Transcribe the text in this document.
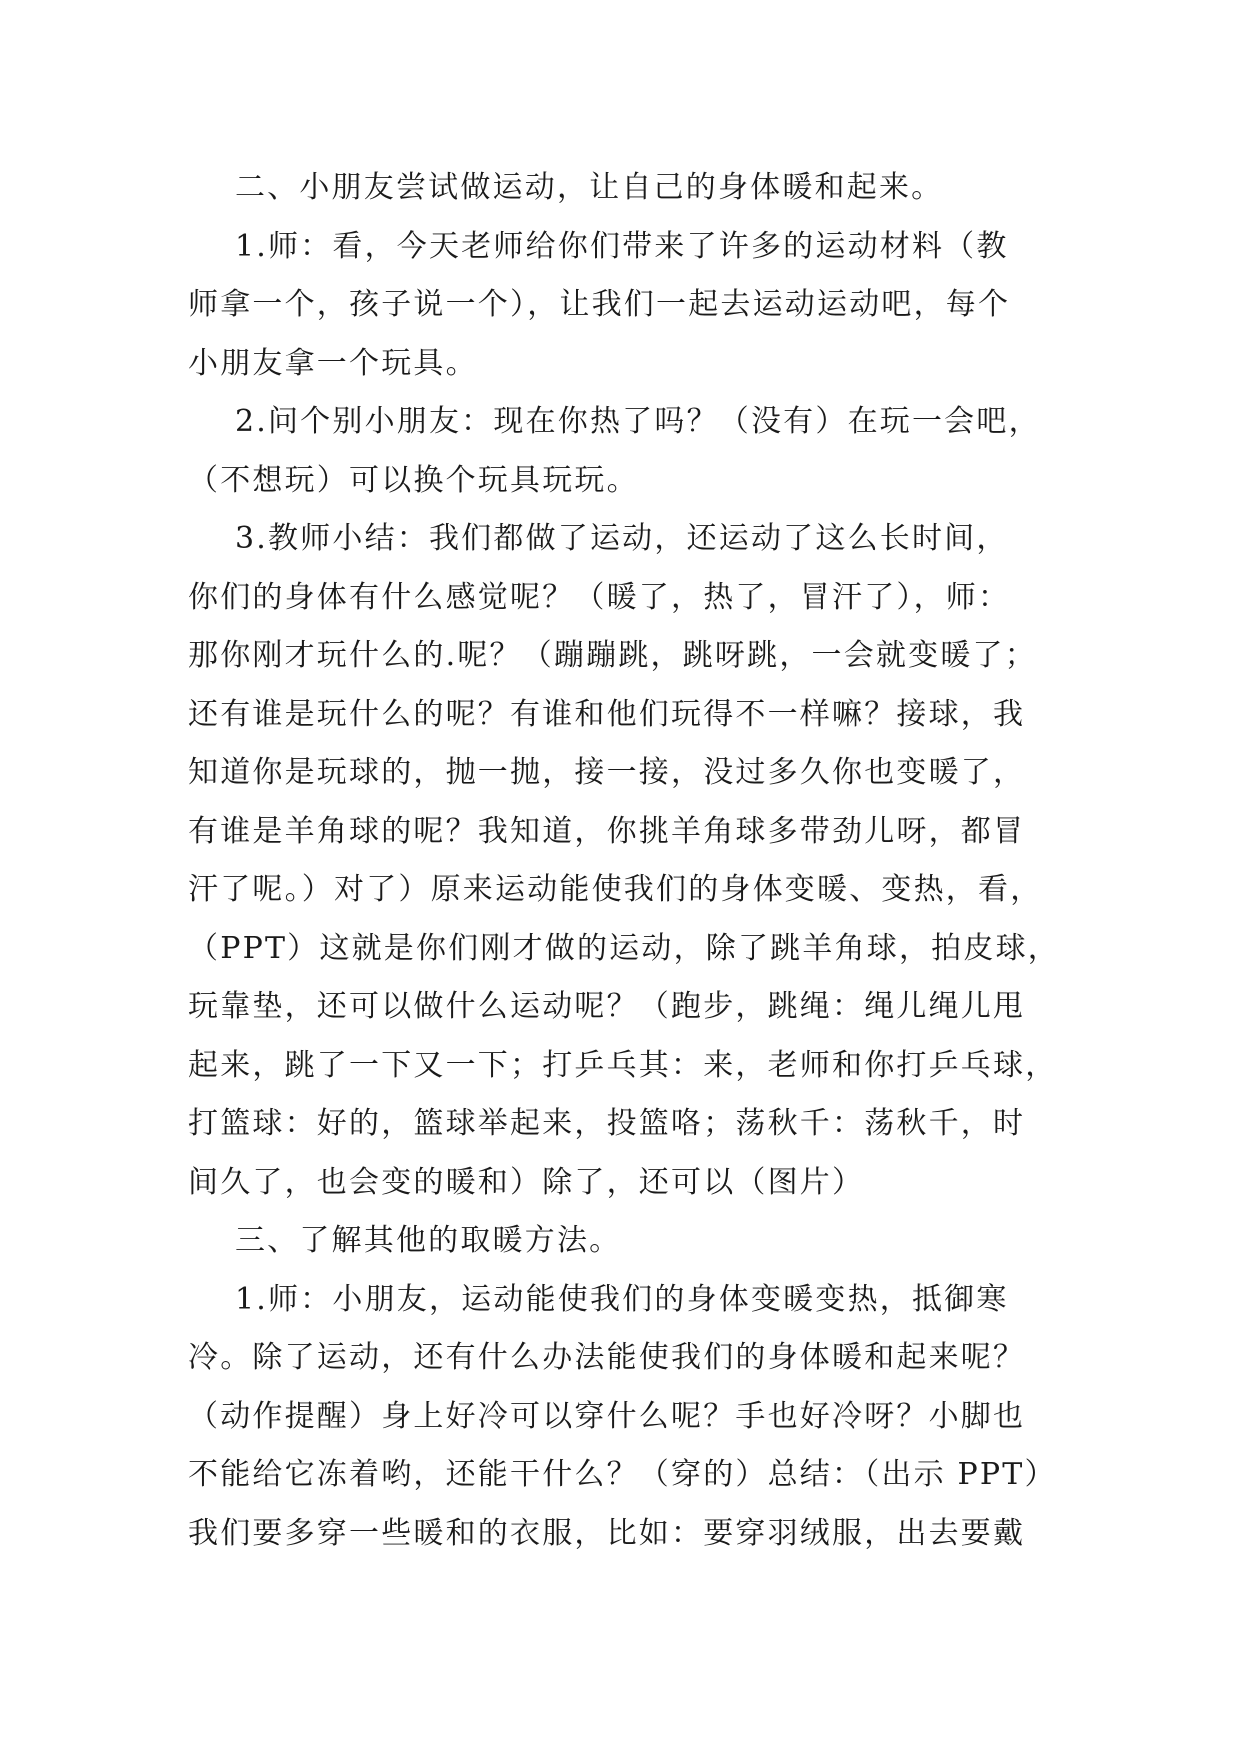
二、小朋友尝试做运动，让自己的身体暖和起来。
1.师：看，今天老师给你们带来了许多的运动材料（教
师拿一个，孩子说一个），让我们一起去运动运动吧，每个
小朋友拿一个玩具。
2.问个别小朋友：现在你热了吗？（没有）在玩一会吧，
（不想玩）可以换个玩具玩玩。
3.教师小结：我们都做了运动，还运动了这么长时间，
你们的身体有什么感觉呢？（暖了，热了，冒汗了），师：
那你刚才玩什么的.呢？（蹦蹦跳，跳呀跳，一会就变暖了；
还有谁是玩什么的呢？有谁和他们玩得不一样嘛？接球，我
知道你是玩球的，抛一抛，接一接，没过多久你也变暖了，
有谁是羊角球的呢？我知道，你挑羊角球多带劲儿呀，都冒
汗了呢。）对了）原来运动能使我们的身体变暖、变热，看，
（PPT）这就是你们刚才做的运动，除了跳羊角球，拍皮球，
玩靠垫，还可以做什么运动呢？（跑步，跳绳：绳儿绳儿甩
起来，跳了一下又一下；打乒乓其：来，老师和你打乒乓球，
打篮球：好的，篮球举起来，投篮咯；荡秋千：荡秋千，时
间久了，也会变的暖和）除了，还可以（图片）
三、了解其他的取暖方法。
1.师：小朋友，运动能使我们的身体变暖变热，抵御寒
冷。除了运动，还有什么办法能使我们的身体暖和起来呢？
（动作提醒）身上好冷可以穿什么呢？手也好冷呀？小脚也
不能给它冻着哟，还能干什么？（穿的）总结：（出示 PPT）
我们要多穿一些暖和的衣服，比如：要穿羽绒服，出去要戴
